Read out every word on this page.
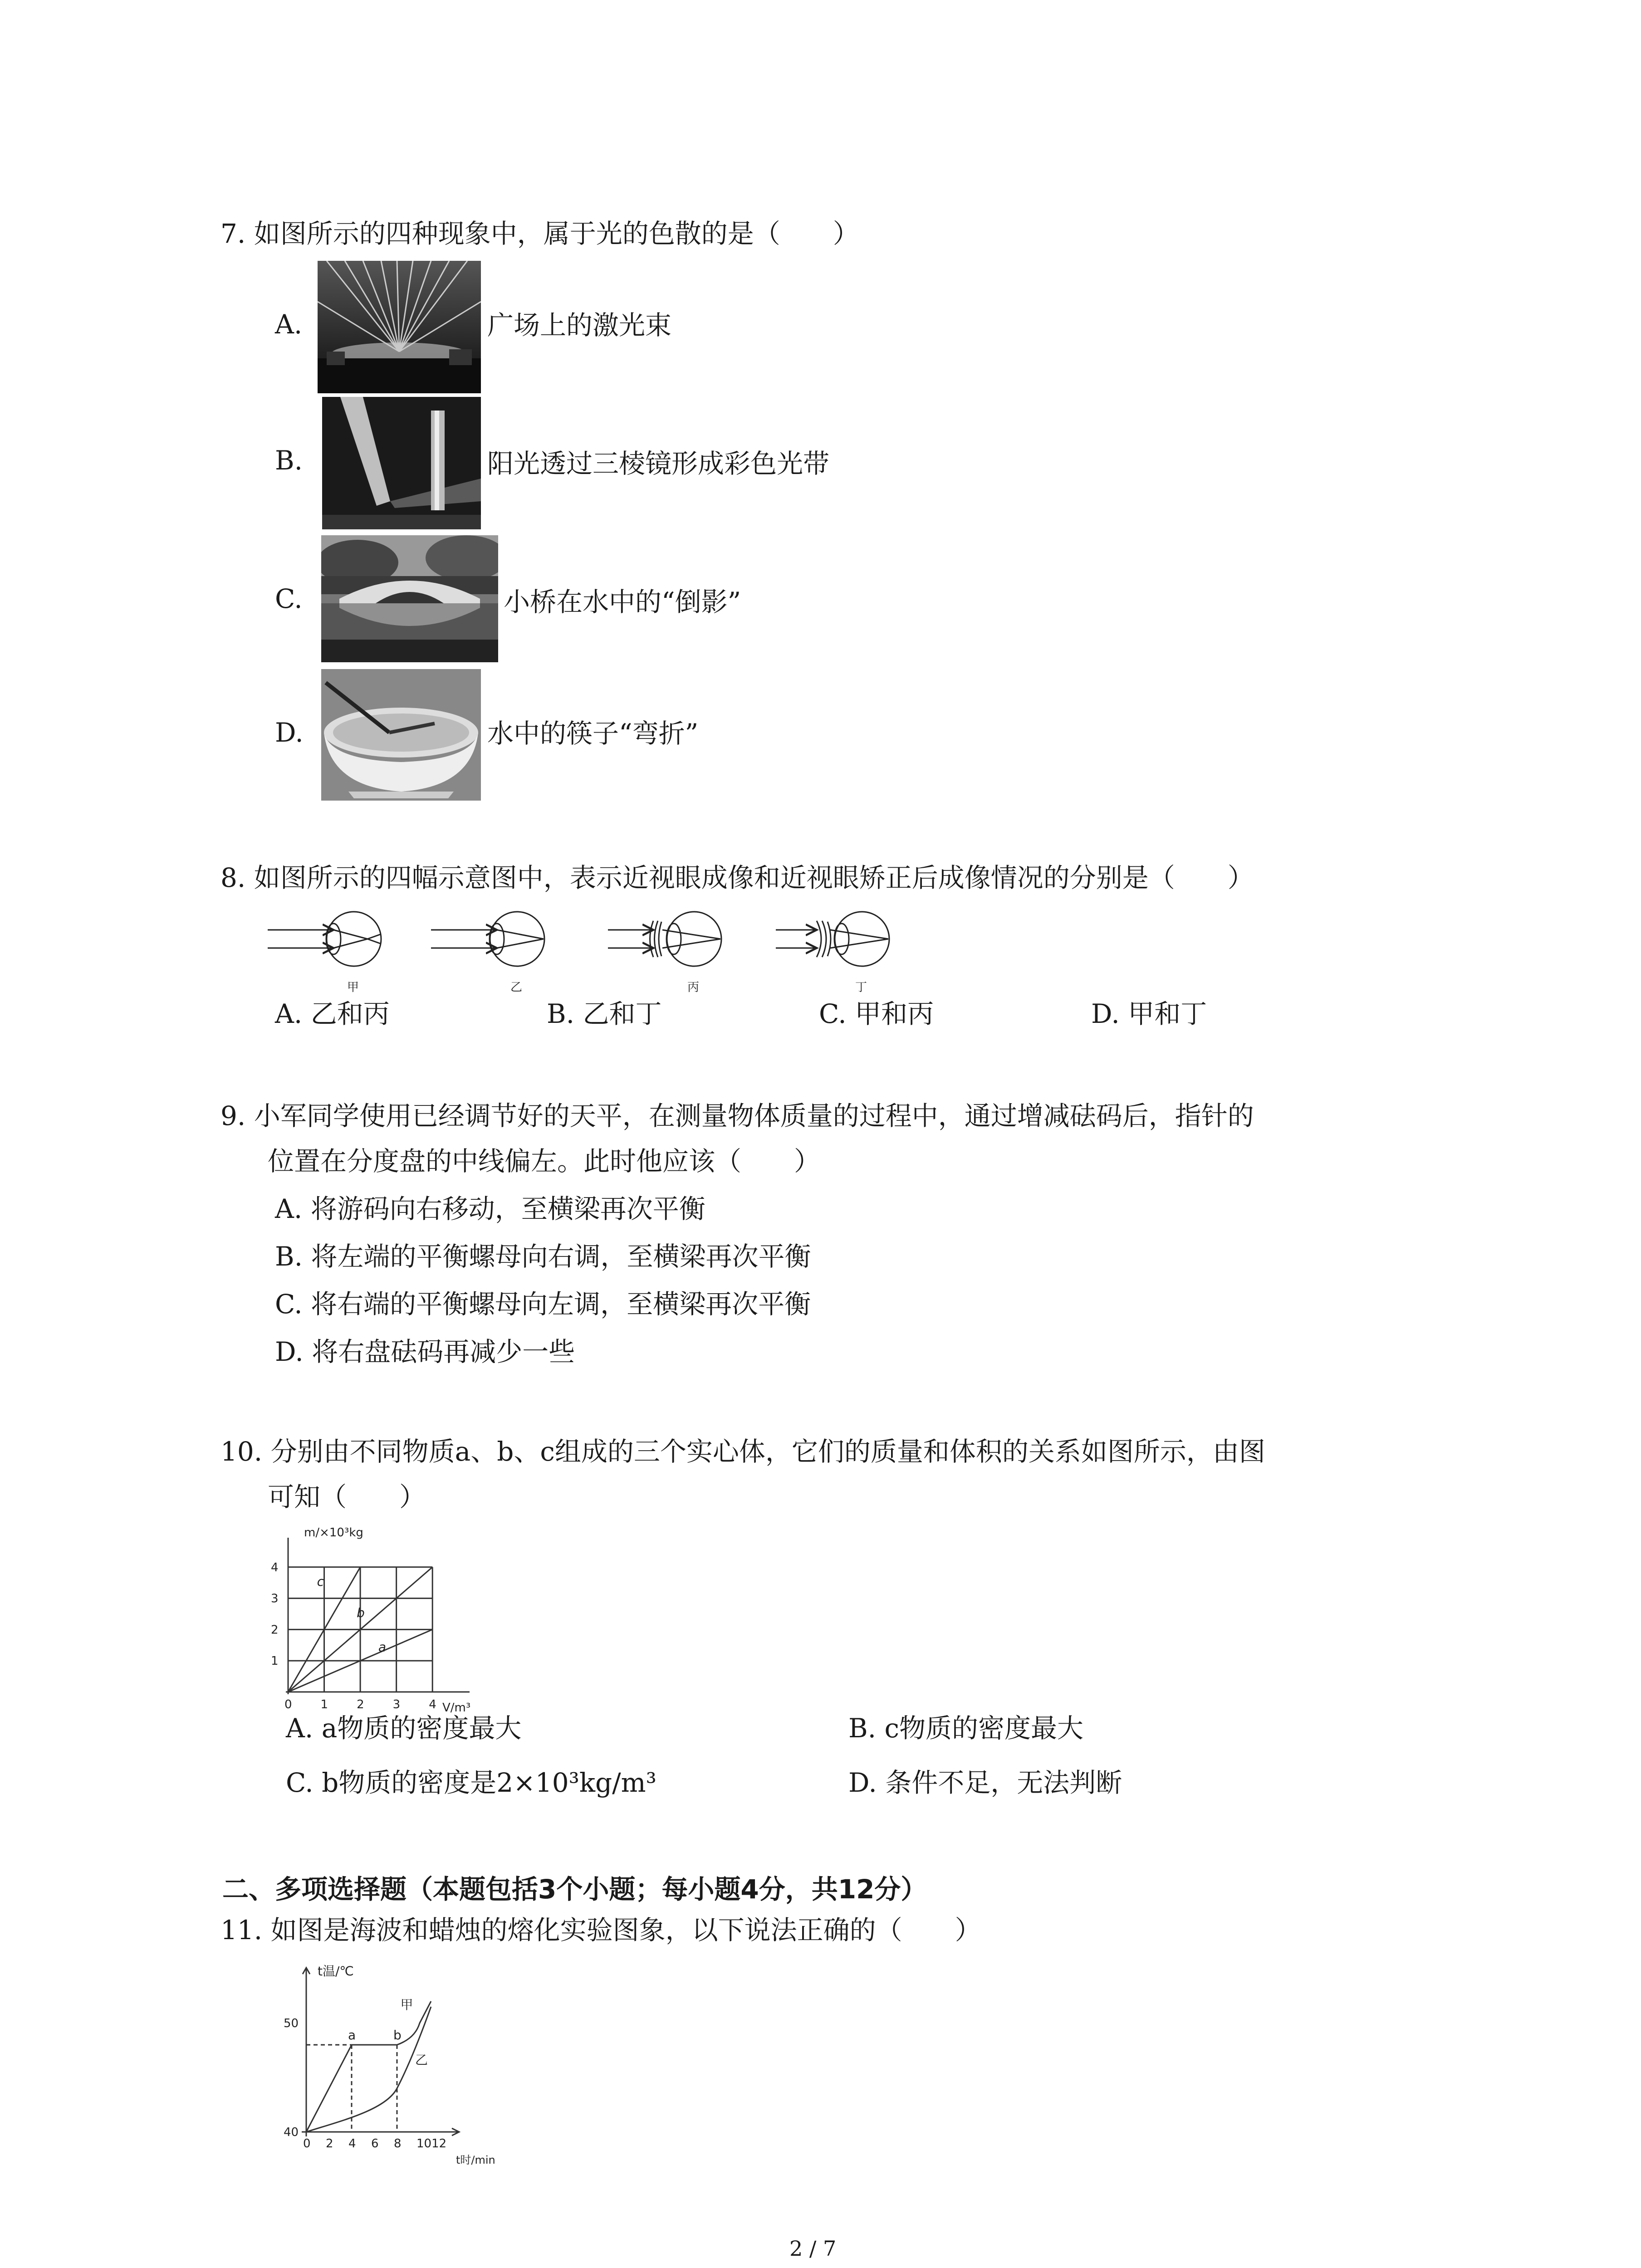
7. 如图所示的四种现象中，属于光的色散的是（　　）
A.	广场上的激光束
B.	阳光透过三棱镜形成彩色光带
C.	小桥在水中的“倒影”
D.	水中的筷子“弯折”
8. 如图所示的四幅示意图中，表示近视眼成像和近视眼矫正后成像情况的分别是（　　）
甲	乙	丙	丁
A. 乙和丙	B. 乙和丁	C. 甲和丙	D. 甲和丁
9. 小军同学使用已经调节好的天平，在测量物体质量的过程中，通过增减砝码后，指针的
位置在分度盘的中线偏左。此时他应该（　　）
A. 将游码向右移动，至横梁再次平衡
B. 将左端的平衡螺母向右调，至横梁再次平衡
C. 将右端的平衡螺母向左调，至横梁再次平衡
D. 将右盘砝码再减少一些
10. 分别由不同物质a、b、c组成的三个实心体，它们的质量和体积的关系如图所示，由图
可知（　　）
m/×10³kg
V/m³
1
2
3
4
0 1 2 3 4
c
b
a
A. a物质的密度最大	B. c物质的密度最大
C. b物质的密度是2×10³kg/m³	D. 条件不足，无法判断
二、多项选择题（本题包括3个小题；每小题4分，共12分）
11. 如图是海波和蜡烛的熔化实验图象，以下说法正确的（　　）
t温/℃
t时/min
50
40
0 2 4 6 8 1012
a	b
甲
乙
2 / 7
